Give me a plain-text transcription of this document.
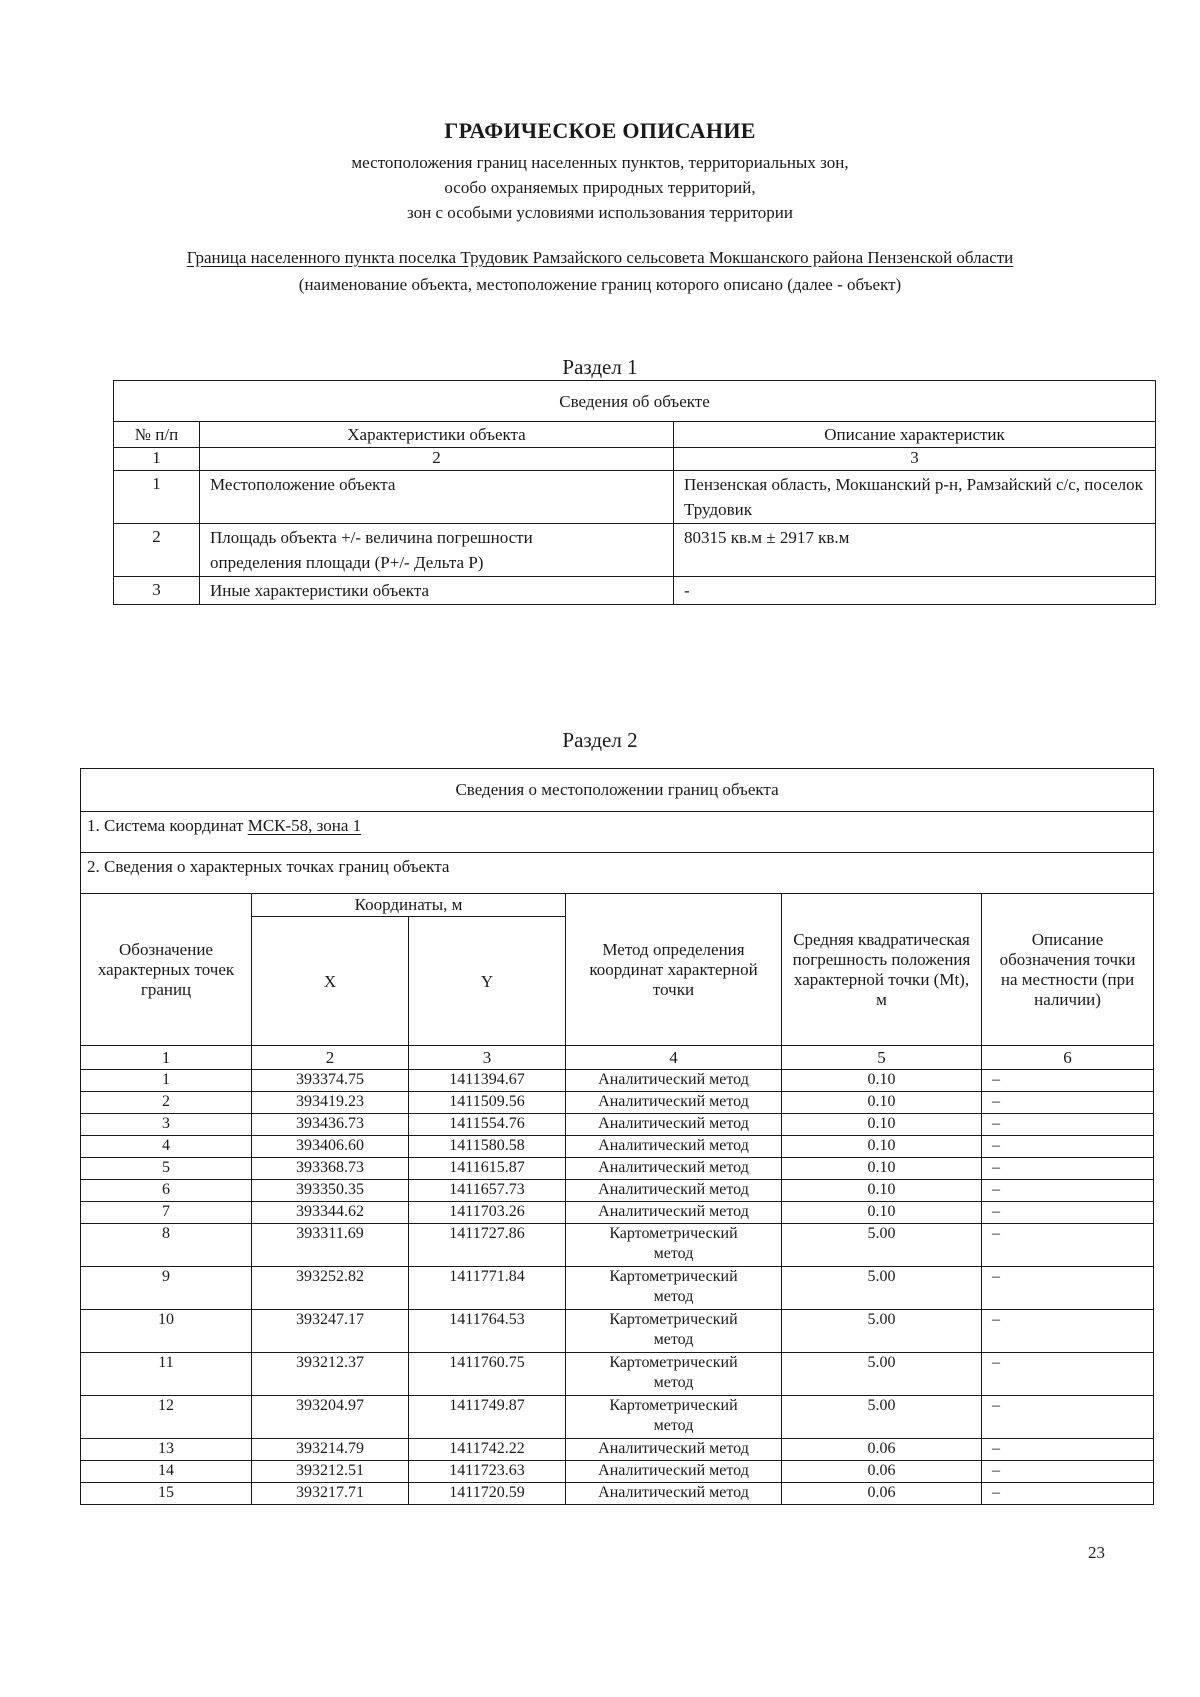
ГРАФИЧЕСКОЕ ОПИСАНИЕ
местоположения границ населенных пунктов, территориальных зон,
особо охраняемых природных территорий,
зон с особыми условиями использования территории
Граница населенного пункта поселка Трудовик Рамзайского сельсовета Мокшанского района Пензенской области
(наименование объекта, местоположение границ которого описано (далее - объект)
Раздел 1
Сведения об объекте		
№ п/п	Характеристики объекта	Описание характеристик
1	2	3
1	Местоположение объекта	Пензенская область, Мокшанский р-н, Рамзайский с/с, поселок Трудовик
2	Площадь объекта +/- величина погрешности определения площади (P+/- Дельта P)	80315 кв.м ± 2917 кв.м
3	Иные характеристики объекта	-
Раздел 2
Сведения о местоположении границ объекта					
1. Система координат МСК-58, зона 1					
2. Сведения о характерных точках границ объекта					
Обозначение характерных точек границ	Координаты, м		Метод определения координат характерной точки	Средняя квадратическая погрешность положения характерной точки (Mt), м	Описание обозначения точки на местности (при наличии)
	X	Y			
1	2	3	4	5	6
1	393374.75	1411394.67	Аналитический метод	0.10	–
2	393419.23	1411509.56	Аналитический метод	0.10	–
3	393436.73	1411554.76	Аналитический метод	0.10	–
4	393406.60	1411580.58	Аналитический метод	0.10	–
5	393368.73	1411615.87	Аналитический метод	0.10	–
6	393350.35	1411657.73	Аналитический метод	0.10	–
7	393344.62	1411703.26	Аналитический метод	0.10	–
8	393311.69	1411727.86	Картометрический метод	5.00	–
9	393252.82	1411771.84	Картометрический метод	5.00	–
10	393247.17	1411764.53	Картометрический метод	5.00	–
11	393212.37	1411760.75	Картометрический метод	5.00	–
12	393204.97	1411749.87	Картометрический метод	5.00	–
13	393214.79	1411742.22	Аналитический метод	0.06	–
14	393212.51	1411723.63	Аналитический метод	0.06	–
15	393217.71	1411720.59	Аналитический метод	0.06	–
23
